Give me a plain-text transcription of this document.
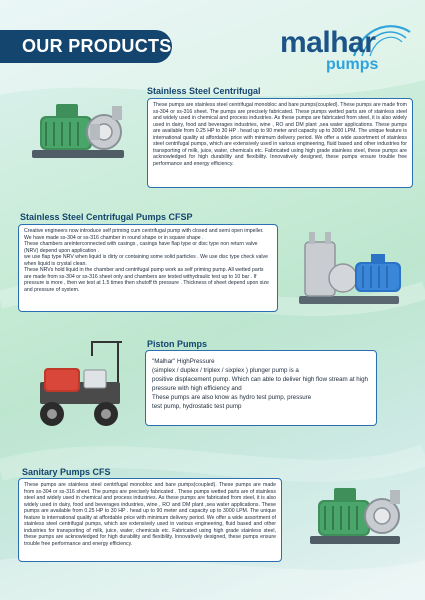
OUR PRODUCTS	malhar
pumps
Stainless Steel Centrifugal

These pumps are stainless steel centrifugal monobloc and bare pumps(coupled). These pumps are made from ss-304 or ss-316 sheet. The pumps are precisely fabricated. These pumps wetted parts are of stainless steel and widely used in chemical and process industries. As these pumps are fabricated from steel, it is also widely used in dairy, food and beverages industries, wine , RO and DM plant ,sea water applications. These pumps are available from 0.25 HP to 30 HP . head up to 90 meter and capacity up to 3000 LPM. The unique feature is international quality at affordable price with minimum delivery period. We offer a wide assortment of stainless steel centrifugal pumps, which are extensively used in various engineering, fluid based and other industries for transporting of milk, juice, water, chemicals etc. Fabricated using high grade stainless steel, these pumps are acknowledged for high durability and flexibility. Innovatively designed, these pumps ensure trouble free performance and energy efficiency.

Stainless Steel Centrifugal Pumps CFSP
Creative engineers now introduce self priming cum centrifugal pump with closed and semi open impeller.
We have made ss-304 or ss-316 chamber in round shape or in square shape .
These chambers areinterconnected with casings , casings have flap type or disc type non return valve (NRV) depend upon application .
we use flap type NRV when liquid is dirty or containing some solid particles . We use disc type check valve when liquid is crystal clean.
These NRVs hold liquid in the chamber and centrifugal pump work as self priming pump. All wetted parts are made from ss-304 or ss-316 sheet only and chambers are tested withydraulic test up to 10 bar . If pressure is more , then we test at 1.5 times then shutoff th pressure . Thickness of sheet depend upon size and pressure of system.
Piston Pumps
"Malhar" HighPressure
(simplex / duplex / triplex / sixplex ) plunger pump is a
positive displacement pump. Which can able to deliver high flow stream at high
pressure with high efficiency and
These pumps are also know as hydro test pump, pressure
test pump, hydrostatic test pump
Sanitary Pumps CFS

These pumps are stainless steel centrifugal monobloc and bare pumps(coupled). These pumps are made from ss-304 or ss-316 sheet. The pumps are precisely fabricated . These pumps wetted parts are of stainless steel and widely used in chemical and process industries. As these pumps are fabricated from steel, it is also widely used in dairy, food and beverages industries, wine , RO and DM plant ,sea water applications. These pumps are available from 0.25 HP to 30 HP . head up to 90 meter and capacity up to 3000 LPM. The unique feature is international quality at affordable price with minimum delivery period. We offer a wide assortment of stainless steel centrifugal pumps, which are extensively used in various engineering, fluid based and other industries for transporting of milk, juice, water, chemicals etc. Fabricated using high grade stainless steel, these pumps are acknowledged for high durability and flexibility. Innovatively designed, these pumps ensure trouble free performance and energy efficiency.
